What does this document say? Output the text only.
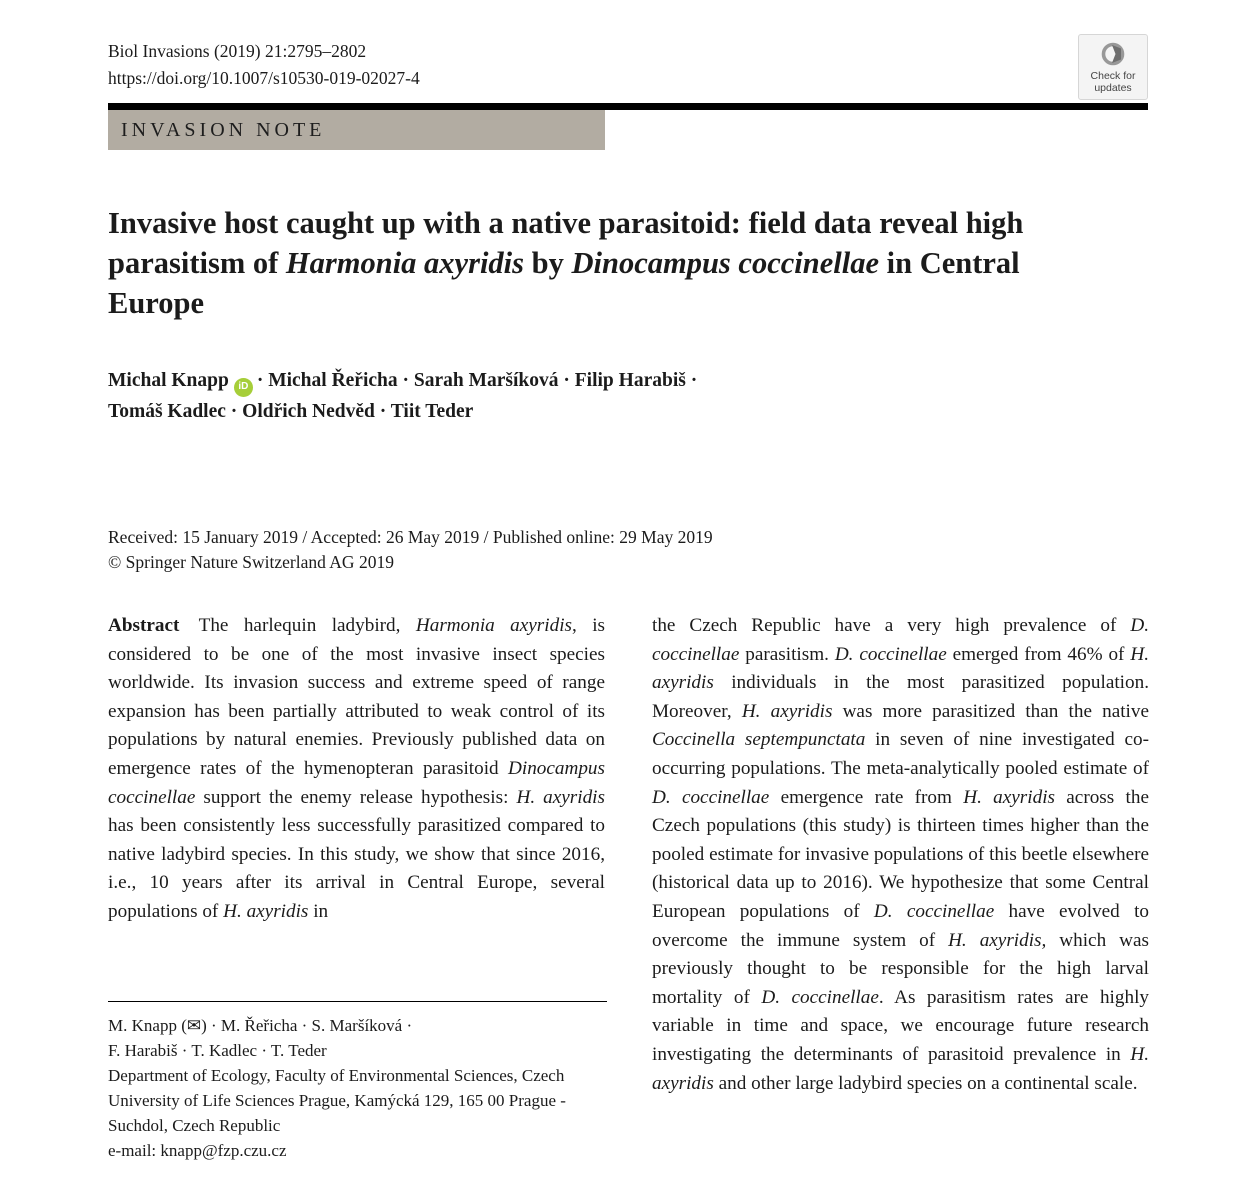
Biol Invasions (2019) 21:2795–2802
https://doi.org/10.1007/s10530-019-02027-4	Check for
updates
INVASION NOTE
Invasive host caught up with a native parasitoid: field data reveal high parasitism of Harmonia axyridis by Dinocampus coccinellae in Central Europe
Michal Knapp iD · Michal Řeřicha · Sarah Maršíková · Filip Harabiš ·
Tomáš Kadlec · Oldřich Nedvěd · Tiit Teder
Received: 15 January 2019 / Accepted: 26 May 2019 / Published online: 29 May 2019
© Springer Nature Switzerland AG 2019

Abstract  The harlequin ladybird, Harmonia axyridis, is considered to be one of the most invasive insect species worldwide. Its invasion success and extreme speed of range expansion has been partially attributed to weak control of its populations by natural enemies. Previously published data on emergence rates of the hymenopteran parasitoid Dinocampus coccinellae support the enemy release hypothesis: H. axyridis has been consistently less successfully parasitized compared to native ladybird species. In this study, we show that since 2016, i.e., 10 years after its arrival in Central Europe, several populations of H. axyridis in

the Czech Republic have a very high prevalence of D. coccinellae parasitism. D. coccinellae emerged from 46% of H. axyridis individuals in the most parasitized population. Moreover, H. axyridis was more parasitized than the native Coccinella septempunctata in seven of nine investigated co-occurring populations. The meta-analytically pooled estimate of D. coccinellae emergence rate from H. axyridis across the Czech populations (this study) is thirteen times higher than the pooled estimate for invasive populations of this beetle elsewhere (historical data up to 2016). We hypothesize that some Central European populations of D. coccinellae have evolved to overcome the immune system of H. axyridis, which was previously thought to be responsible for the high larval mortality of D. coccinellae. As parasitism rates are highly variable in time and space, we encourage future research investigating the determinants of parasitoid prevalence in H. axyridis and other large ladybird species on a continental scale.

M. Knapp (✉) · M. Řeřicha · S. Maršíková ·
F. Harabiš · T. Kadlec · T. Teder
Department of Ecology, Faculty of Environmental Sciences, Czech University of Life Sciences Prague, Kamýcká 129, 165 00 Prague - Suchdol, Czech Republic
e-mail: knapp@fzp.czu.cz
